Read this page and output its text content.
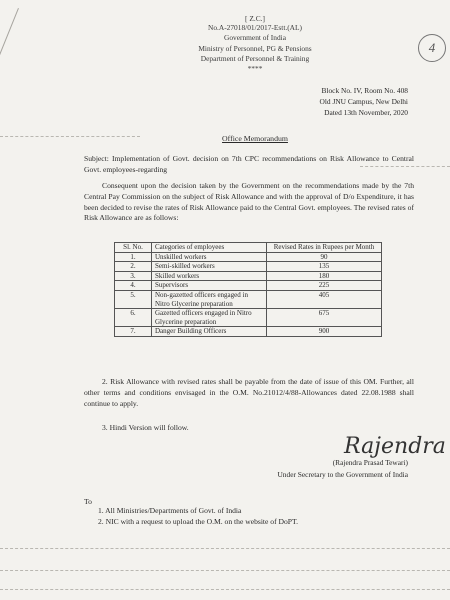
4
[ Z.C.]
No.A-27018/01/2017-Estt.(AL)
Government of India
Ministry of Personnel, PG & Pensions
Department of Personnel & Training
****
Block No. IV, Room No. 408
Old JNU Campus, New Delhi
Dated 13th November, 2020
Office Memorandum
Subject: Implementation of Govt. decision on 7th CPC recommendations on Risk Allowance to Central Govt. employees-regarding
Consequent upon the decision taken by the Government on the recommendations made by the 7th Central Pay Commission on the subject of Risk Allowance and with the approval of D/o Expenditure, it has been decided to revise the rates of Risk Allowance paid to the Central Govt. employees. The revised rates of Risk Allowance are as follows:
Sl. No.	Categories of employees	Revised Rates in Rupees per Month
1.	Unskilled workers	90
2.	Semi-skilled workers	135
3.	Skilled workers	180
4.	Supervisors	225
5.	Non-gazetted officers engaged in Nitro Glycerine preparation	405
6.	Gazetted officers engaged in Nitro Glycerine preparation	675
7.	Danger Building Officers	900
2. Risk Allowance with revised rates shall be payable from the date of issue of this OM. Further, all other terms and conditions envisaged in the O.M. No.21012/4/88-Allowances dated 22.08.1988 shall continue to apply.
3. Hindi Version will follow.
Rajendra
(Rajendra Prasad Tewari)
Under Secretary to the Government of India
To
1. All Ministries/Departments of Govt. of India
2. NIC with a request to upload the O.M. on the website of DoPT.
